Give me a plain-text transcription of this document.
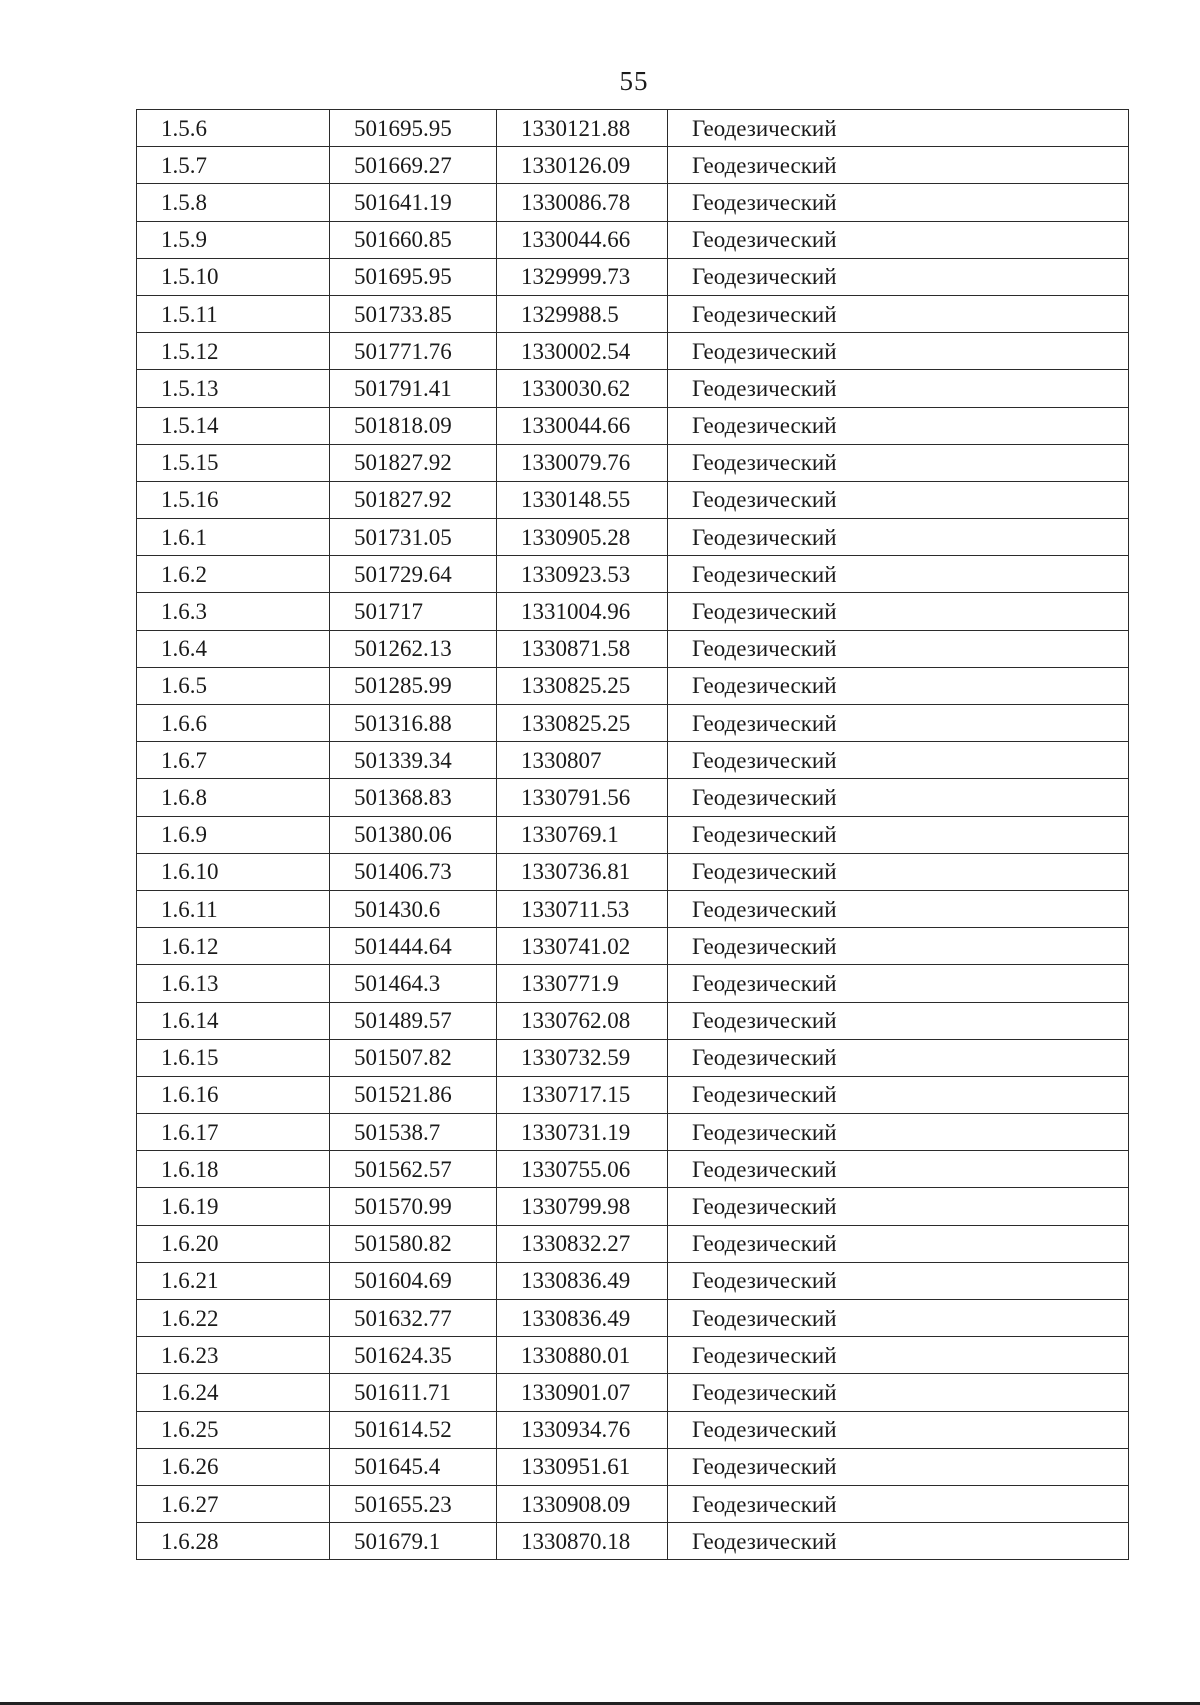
55
1.5.6	501695.95	1330121.88	Геодезический
1.5.7	501669.27	1330126.09	Геодезический
1.5.8	501641.19	1330086.78	Геодезический
1.5.9	501660.85	1330044.66	Геодезический
1.5.10	501695.95	1329999.73	Геодезический
1.5.11	501733.85	1329988.5	Геодезический
1.5.12	501771.76	1330002.54	Геодезический
1.5.13	501791.41	1330030.62	Геодезический
1.5.14	501818.09	1330044.66	Геодезический
1.5.15	501827.92	1330079.76	Геодезический
1.5.16	501827.92	1330148.55	Геодезический
1.6.1	501731.05	1330905.28	Геодезический
1.6.2	501729.64	1330923.53	Геодезический
1.6.3	501717	1331004.96	Геодезический
1.6.4	501262.13	1330871.58	Геодезический
1.6.5	501285.99	1330825.25	Геодезический
1.6.6	501316.88	1330825.25	Геодезический
1.6.7	501339.34	1330807	Геодезический
1.6.8	501368.83	1330791.56	Геодезический
1.6.9	501380.06	1330769.1	Геодезический
1.6.10	501406.73	1330736.81	Геодезический
1.6.11	501430.6	1330711.53	Геодезический
1.6.12	501444.64	1330741.02	Геодезический
1.6.13	501464.3	1330771.9	Геодезический
1.6.14	501489.57	1330762.08	Геодезический
1.6.15	501507.82	1330732.59	Геодезический
1.6.16	501521.86	1330717.15	Геодезический
1.6.17	501538.7	1330731.19	Геодезический
1.6.18	501562.57	1330755.06	Геодезический
1.6.19	501570.99	1330799.98	Геодезический
1.6.20	501580.82	1330832.27	Геодезический
1.6.21	501604.69	1330836.49	Геодезический
1.6.22	501632.77	1330836.49	Геодезический
1.6.23	501624.35	1330880.01	Геодезический
1.6.24	501611.71	1330901.07	Геодезический
1.6.25	501614.52	1330934.76	Геодезический
1.6.26	501645.4	1330951.61	Геодезический
1.6.27	501655.23	1330908.09	Геодезический
1.6.28	501679.1	1330870.18	Геодезический
